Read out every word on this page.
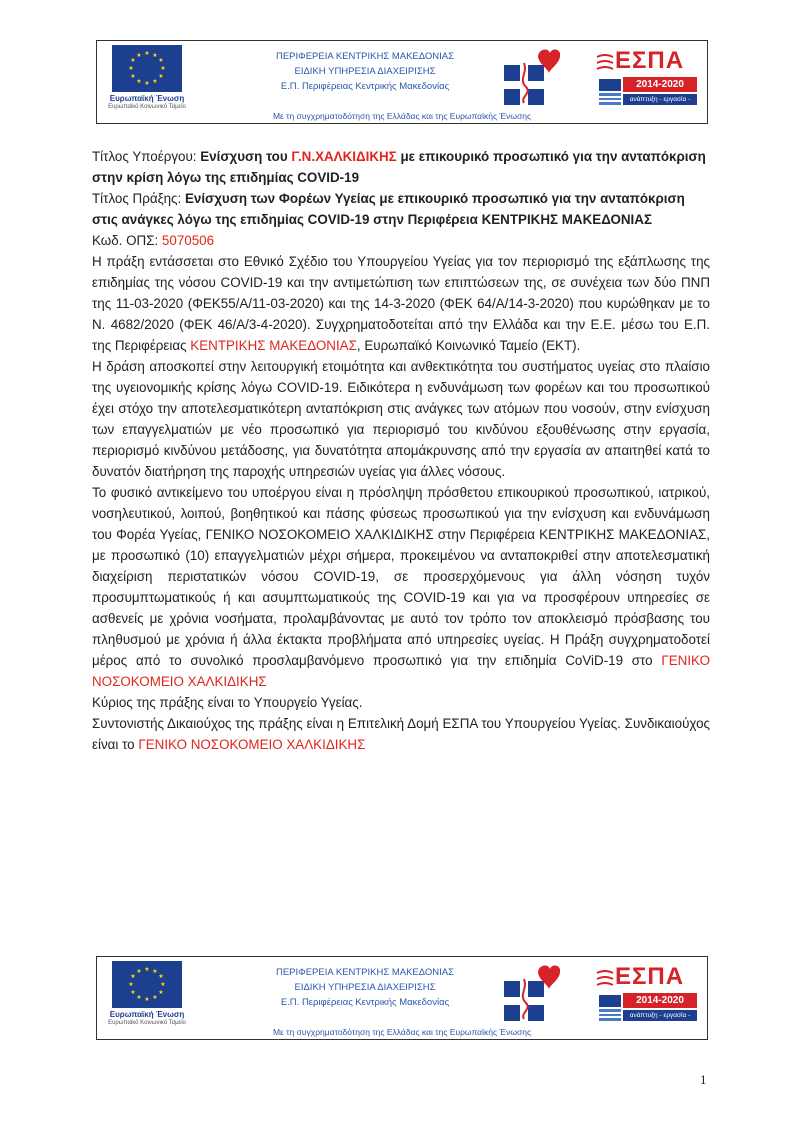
★ ★
★
★
★
★
★
★
★
★
★
★
Ευρωπαϊκή Ένωση
Ευρωπαϊκό Κοινωνικό Ταμείο
ΠΕΡΙΦΕΡΕΙΑ ΚΕΝΤΡΙΚΗΣ ΜΑΚΕΔΟΝΙΑΣ
ΕΙΔΙΚΗ ΥΠΗΡΕΣΙΑ ΔΙΑΧΕΙΡΙΣΗΣ
Ε.Π. Περιφέρειας Κεντρικής Μακεδονίας
ΕΣΠΑ
2014-2020
ανάπτυξη - εργασία - αλληλεγγύη
Με τη συγχρηματοδότηση της Ελλάδας και της Ευρωπαϊκής Ένωσης

Τίτλος Υποέργου: Ενίσχυση του Γ.Ν.ΧΑΛΚΙΔΙΚΗΣ με επικουρικό προσωπικό για την ανταπόκριση στην κρίση λόγω της επιδημίας COVID-19

Τίτλος Πράξης: Ενίσχυση των Φορέων Υγείας με επικουρικό προσωπικό για την ανταπόκριση στις ανάγκες λόγω της επιδημίας COVID-19 στην Περιφέρεια ΚΕΝΤΡΙΚΗΣ ΜΑΚΕΔΟΝΙΑΣ

Κωδ. ΟΠΣ: 5070506

Η πράξη εντάσσεται στο Εθνικό Σχέδιο του Υπουργείου Υγείας για τον περιορισμό της εξάπλωσης της επιδημίας της νόσου COVID-19 και την αντιμετώπιση των επιπτώσεων της, σε συνέχεια των δύο ΠΝΠ της 11-03-2020 (ΦΕΚ55/Α/11-03-2020) και της 14-3-2020 (ΦΕΚ 64/Α/14-3-2020) που κυρώθηκαν με το Ν. 4682/2020 (ΦΕΚ 46/Α/3-4-2020). Συγχρηματοδοτείται από την Ελλάδα και την Ε.Ε. μέσω του Ε.Π. της Περιφέρειας ΚΕΝΤΡΙΚΗΣ ΜΑΚΕΔΟΝΙΑΣ, Ευρωπαϊκό Κοινωνικό Ταμείο (ΕΚΤ).

Η δράση αποσκοπεί στην λειτουργική ετοιμότητα και ανθεκτικότητα του συστήματος υγείας στο πλαίσιο της υγειονομικής κρίσης λόγω COVID-19. Ειδικότερα η ενδυνάμωση των φορέων και του προσωπικού έχει στόχο την αποτελεσματικότερη ανταπόκριση στις ανάγκες των ατόμων που νοσούν, στην ενίσχυση των επαγγελματιών με νέο προσωπικό για περιορισμό του κινδύνου εξουθένωσης στην εργασία, περιορισμό κινδύνου μετάδοσης, για δυνατότητα απομάκρυνσης από την εργασία αν απαιτηθεί κατά το δυνατόν διατήρηση της παροχής υπηρεσιών υγείας για άλλες νόσους.

Το φυσικό αντικείμενο του υποέργου είναι η πρόσληψη πρόσθετου επικουρικού προσωπικού, ιατρικού, νοσηλευτικού, λοιπού, βοηθητικού και πάσης φύσεως προσωπικού για την ενίσχυση και ενδυνάμωση του Φορέα Υγείας, ΓΕΝΙΚΟ ΝΟΣΟΚΟΜΕΙΟ ΧΑΛΚΙΔΙΚΗΣ στην Περιφέρεια ΚΕΝΤΡΙΚΗΣ ΜΑΚΕΔΟΝΙΑΣ, με προσωπικό (10) επαγγελματιών μέχρι σήμερα, προκειμένου να ανταποκριθεί στην αποτελεσματική διαχείριση περιστατικών νόσου COVID-19, σε προσερχόμενους για άλλη νόσηση τυχόν προσυμπτωματικούς ή και ασυμπτωματικούς της COVID-19 και για να προσφέρουν υπηρεσίες σε ασθενείς με χρόνια νοσήματα, προλαμβάνοντας με αυτό τον τρόπο τον αποκλεισμό πρόσβασης του πληθυσμού με χρόνια ή άλλα έκτακτα προβλήματα από υπηρεσίες υγείας. Η Πράξη συγχρηματοδοτεί μέρος από το συνολικό προσλαμβανόμενο προσωπικό για την επιδημία CoViD-19 στο ΓΕΝΙΚΟ ΝΟΣΟΚΟΜΕΙΟ ΧΑΛΚΙΔΙΚΗΣ

Κύριος της πράξης είναι το Υπουργείο Υγείας.

Συντονιστής Δικαιούχος της πράξης είναι η Επιτελική Δομή ΕΣΠΑ του Υπουργείου Υγείας. Συνδικαιούχος είναι το ΓΕΝΙΚΟ ΝΟΣΟΚΟΜΕΙΟ ΧΑΛΚΙΔΙΚΗΣ

★ ★
★
★
★
★
★
★
★
★
★
★
Ευρωπαϊκή Ένωση
Ευρωπαϊκό Κοινωνικό Ταμείο
ΠΕΡΙΦΕΡΕΙΑ ΚΕΝΤΡΙΚΗΣ ΜΑΚΕΔΟΝΙΑΣ
ΕΙΔΙΚΗ ΥΠΗΡΕΣΙΑ ΔΙΑΧΕΙΡΙΣΗΣ
Ε.Π. Περιφέρειας Κεντρικής Μακεδονίας
ΕΣΠΑ
2014-2020
ανάπτυξη - εργασία - αλληλεγγύη
Με τη συγχρηματοδότηση της Ελλάδας και της Ευρωπαϊκής Ένωσης
1
